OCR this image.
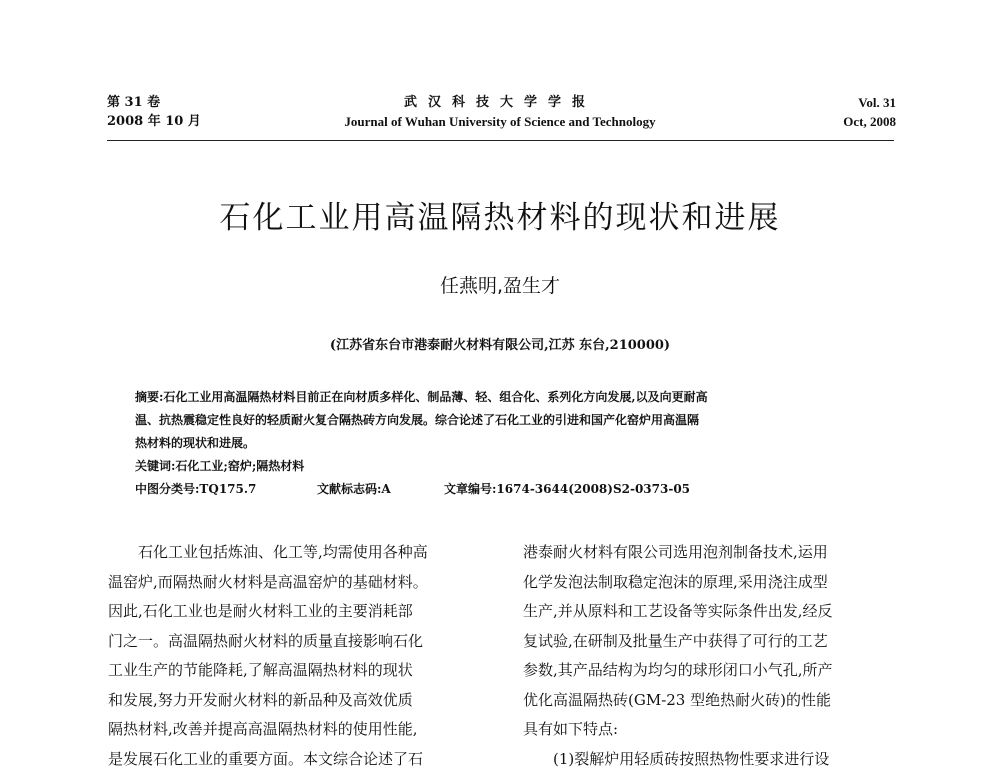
第 31 卷
2008 年 10 月
武汉科技大学学报
Journal of Wuhan University of Science and Technology
Vol. 31
Oct, 2008
石化工业用高温隔热材料的现状和进展
任燕明,盈生才
(江苏省东台市港泰耐火材料有限公司,江苏 东台,210000)

摘要:石化工业用高温隔热材料目前正在向材质多样化、制品薄、轻、组合化、系列化方向发展,以及向更耐高

温、抗热震稳定性良好的轻质耐火复合隔热砖方向发展。综合论述了石化工业的引进和国产化窑炉用高温隔

热材料的现状和进展。

关键词:石化工业;窑炉;隔热材料

中图分类号:TQ175.7	文献标志码:A	文章编号:1674-3644(2008)S2-0373-05

　　石化工业包括炼油、化工等,均需使用各种高

温窑炉,而隔热耐火材料是高温窑炉的基础材料。

因此,石化工业也是耐火材料工业的主要消耗部

门之一。高温隔热耐火材料的质量直接影响石化

工业生产的节能降耗,了解高温隔热材料的现状

和发展,努力开发耐火材料的新品种及高效优质

隔热材料,改善并提高高温隔热材料的使用性能,

是发展石化工业的重要方面。本文综合论述了石

港泰耐火材料有限公司选用泡剂制备技术,运用

化学发泡法制取稳定泡沫的原理,采用浇注成型

生产,并从原料和工艺设备等实际条件出发,经反

复试验,在研制及批量生产中获得了可行的工艺

参数,其产品结构为均匀的球形闭口小气孔,所产

优化高温隔热砖(GM-23 型绝热耐火砖)的性能

具有如下特点:

　　(1)裂解炉用轻质砖按照热物性要求进行设
